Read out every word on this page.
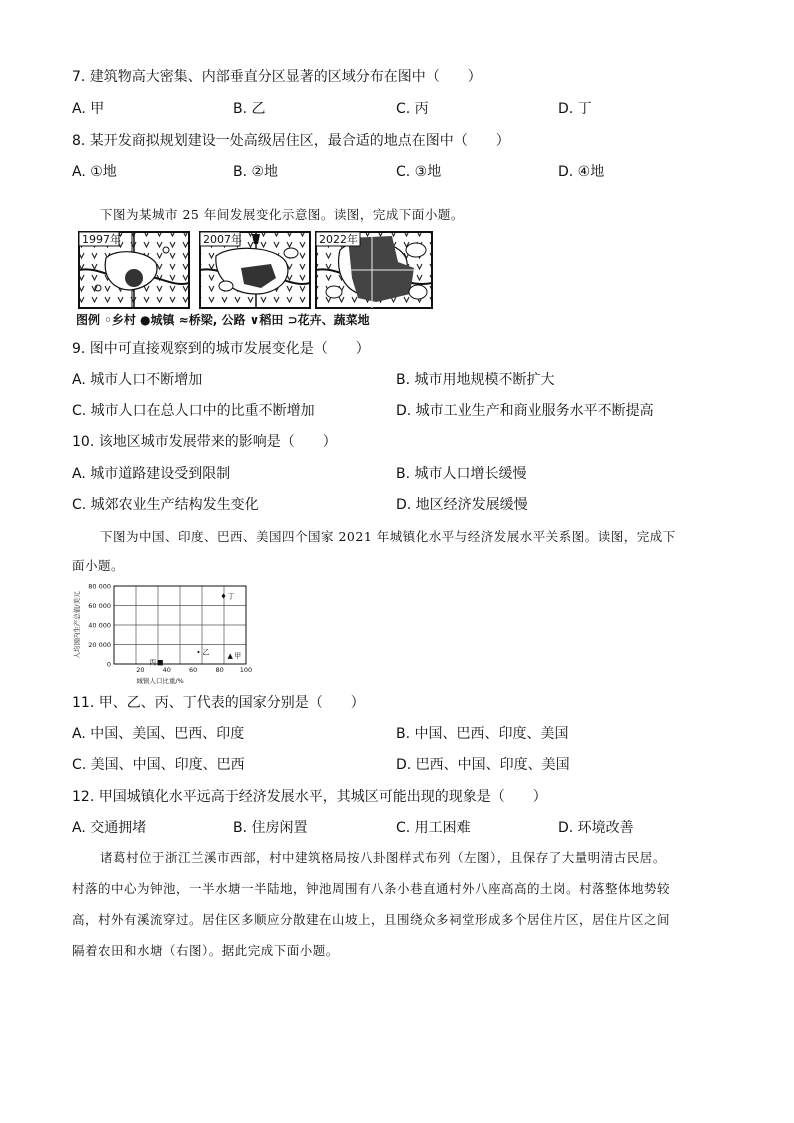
7. 建筑物高大密集、内部垂直分区显著的区域分布在图中（　　）
A. 甲	B. 乙	C. 丙	D. 丁
8. 某开发商拟规划建设一处高级居住区，最合适的地点在图中（　　）
A. ①地	B. ②地	C. ③地	D. ④地
下图为某城市 25 年间发展变化示意图。读图，完成下面小题。
1997年	2007年	2022年
图例 ◦乡村 ●城镇 ≈桥梁, 公路 ∨稻田 ⊃花卉、蔬菜地
9. 图中可直接观察到的城市发展变化是（　　）
A. 城市人口不断增加	B. 城市用地规模不断扩大
C. 城市人口在总人口中的比重不断增加	D. 城市工业生产和商业服务水平不断提高
10. 该地区城市发展带来的影响是（　　）
A. 城市道路建设受到限制	B. 城市人口增长缓慢
C. 城郊农业生产结构发生变化	D. 地区经济发展缓慢
下图为中国、印度、巴西、美国四个国家 2021 年城镇化水平与经济发展水平关系图。读图，完成下
面小题。
0
20 000
40 000
60 000
80 000
20	40	60	80 100
城镇人口比重/%
人均国内生产总值/美元
■
丙
• 乙	▲ 甲
♦ 丁
11. 甲、乙、丙、丁代表的国家分别是（　　）
A. 中国、美国、巴西、印度	B. 中国、巴西、印度、美国
C. 美国、中国、印度、巴西	D. 巴西、中国、印度、美国
12. 甲国城镇化水平远高于经济发展水平，其城区可能出现的现象是（　　）
A. 交通拥堵	B. 住房闲置	C. 用工困难	D. 环境改善
诸葛村位于浙江兰溪市西部，村中建筑格局按八卦图样式布列（左图），且保存了大量明清古民居。
村落的中心为钟池，一半水塘一半陆地，钟池周围有八条小巷直通村外八座高高的土岗。村落整体地势较
高，村外有溪流穿过。居住区多顺应分散建在山坡上，且围绕众多祠堂形成多个居住片区，居住片区之间
隔着农田和水塘（右图）。据此完成下面小题。
